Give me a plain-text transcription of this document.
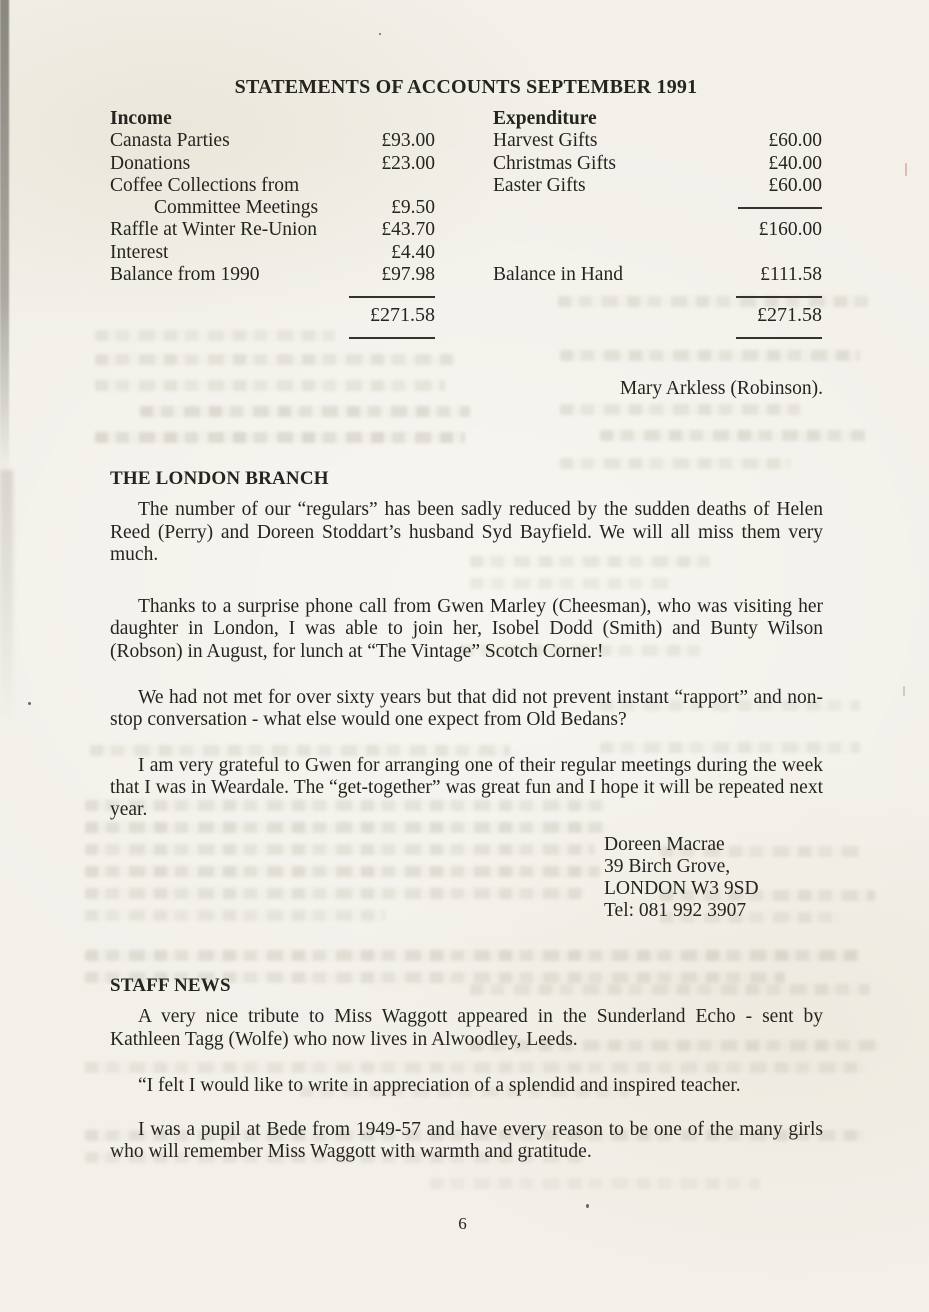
STATEMENTS OF ACCOUNTS SEPTEMBER 1991
Income
Canasta Parties	£93.00
Donations	£23.00
Coffee Collections from
Committee Meetings	£9.50
Raffle at Winter Re-Union	£43.70
Interest	£4.40
Balance from 1990	£97.98
£271.58
Expenditure
Harvest Gifts	£60.00
Christmas Gifts	£40.00
Easter Gifts	£60.00
£160.00
Balance in Hand	£111.58
£271.58
Mary Arkless (Robinson).
THE LONDON BRANCH

The number of our “regulars” has been sadly reduced by the sudden deaths of Helen Reed (Perry) and Doreen Stoddart’s husband Syd Bayfield. We will all miss them very much.

Thanks to a surprise phone call from Gwen Marley (Cheesman), who was visiting her daughter in London, I was able to join her, Isobel Dodd (Smith) and Bunty Wilson (Robson) in August, for lunch at “The Vintage” Scotch Corner!

We had not met for over sixty years but that did not prevent instant “rapport” and non-stop conversation - what else would one expect from Old Bedans?

I am very grateful to Gwen for arranging one of their regular meetings during the week that I was in Weardale. The “get-together” was great fun and I hope it will be repeated next year.

Doreen Macrae
39 Birch Grove,
LONDON W3 9SD
Tel: 081 992 3907
STAFF NEWS

A very nice tribute to Miss Waggott appeared in the Sunderland Echo - sent by Kathleen Tagg (Wolfe) who now lives in Alwoodley, Leeds.

“I felt I would like to write in appreciation of a splendid and inspired teacher.

I was a pupil at Bede from 1949-57 and have every reason to be one of the many girls who will remember Miss Waggott with warmth and gratitude.

6
